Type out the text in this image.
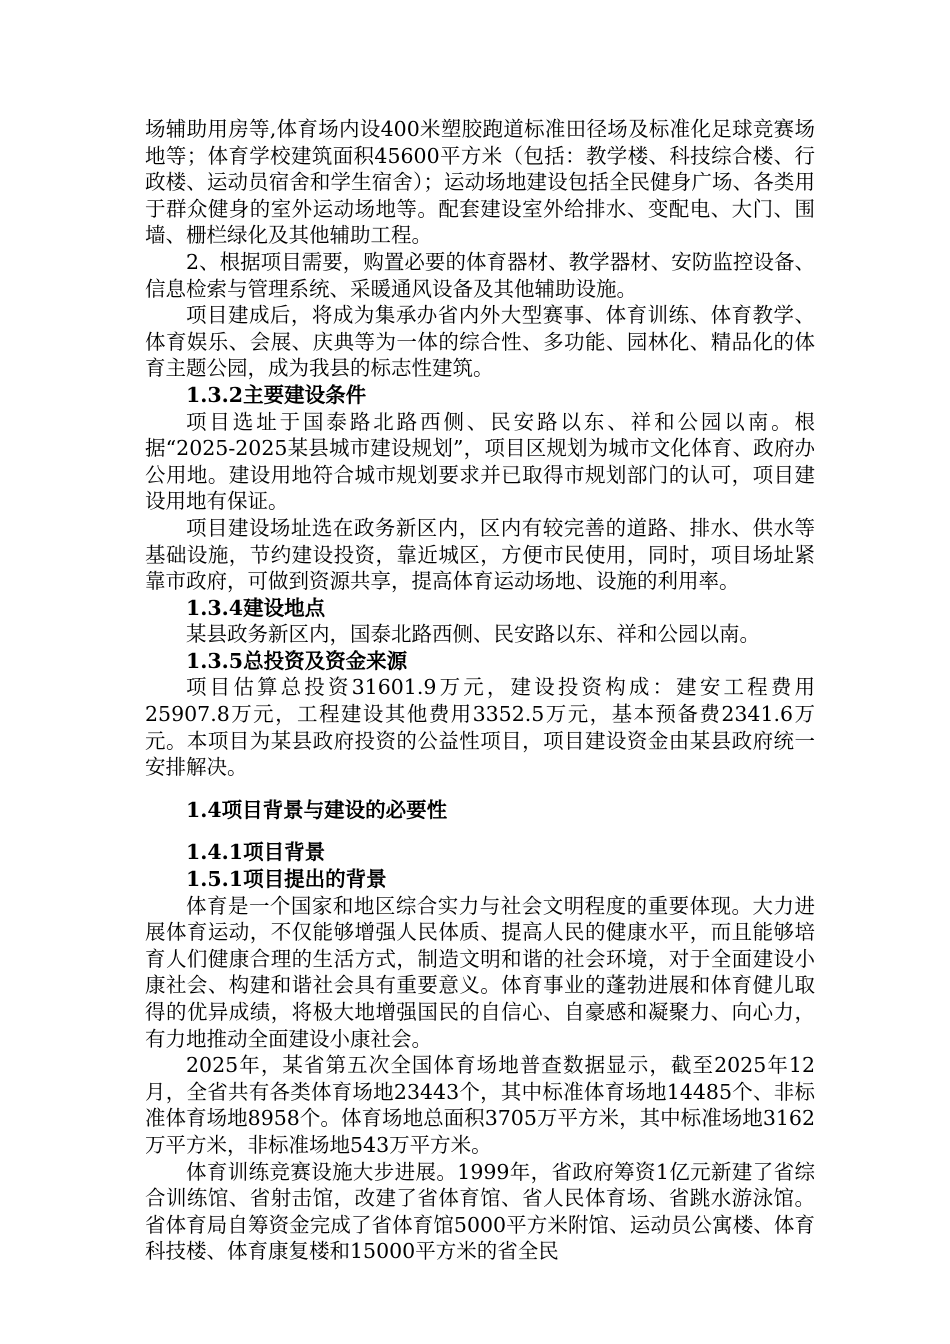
场辅助用房等,体育场内设400米塑胶跑道标准田径场及标准化足球竞赛场地等；体育学校建筑面积45600平方米（包括：教学楼、科技综合楼、行政楼、运动员宿舍和学生宿舍）；运动场地建设包括全民健身广场、各类用于群众健身的室外运动场地等。配套建设室外给排水、变配电、大门、围墙、栅栏绿化及其他辅助工程。

2、根据项目需要，购置必要的体育器材、教学器材、安防监控设备、信息检索与管理系统、采暖通风设备及其他辅助设施。

项目建成后，将成为集承办省内外大型赛事、体育训练、体育教学、体育娱乐、会展、庆典等为一体的综合性、多功能、园林化、精品化的体育主题公园，成为我县的标志性建筑。

1.3.2主要建设条件

项目选址于国泰路北路西侧、民安路以东、祥和公园以南。根据“2025-2025某县城市建设规划”，项目区规划为城市文化体育、政府办公用地。建设用地符合城市规划要求并已取得市规划部门的认可，项目建设用地有保证。

项目建设场址选在政务新区内，区内有较完善的道路、排水、供水等基础设施，节约建设投资，靠近城区，方便市民使用，同时，项目场址紧靠市政府，可做到资源共享，提高体育运动场地、设施的利用率。

1.3.4建设地点

某县政务新区内，国泰北路西侧、民安路以东、祥和公园以南。

1.3.5总投资及资金来源

项目估算总投资31601.9万元，建设投资构成：建安工程费用25907.8万元，工程建设其他费用3352.5万元，基本预备费2341.6万元。本项目为某县政府投资的公益性项目，项目建设资金由某县政府统一安排解决。

1.4项目背景与建设的必要性

1.4.1项目背景

1.5.1项目提出的背景

体育是一个国家和地区综合实力与社会文明程度的重要体现。大力进展体育运动，不仅能够增强人民体质、提高人民的健康水平，而且能够培育人们健康合理的生活方式，制造文明和谐的社会环境，对于全面建设小康社会、构建和谐社会具有重要意义。体育事业的蓬勃进展和体育健儿取得的优异成绩，将极大地增强国民的自信心、自豪感和凝聚力、向心力，有力地推动全面建设小康社会。

2025年，某省第五次全国体育场地普查数据显示，截至2025年12月，全省共有各类体育场地23443个，其中标准体育场地14485个、非标准体育场地8958个。体育场地总面积3705万平方米，其中标准场地3162万平方米，非标准场地543万平方米。

体育训练竞赛设施大步进展。1999年，省政府筹资1亿元新建了省综合训练馆、省射击馆，改建了省体育馆、省人民体育场、省跳水游泳馆。省体育局自筹资金完成了省体育馆5000平方米附馆、运动员公寓楼、体育科技楼、体育康复楼和15000平方米的省全民
